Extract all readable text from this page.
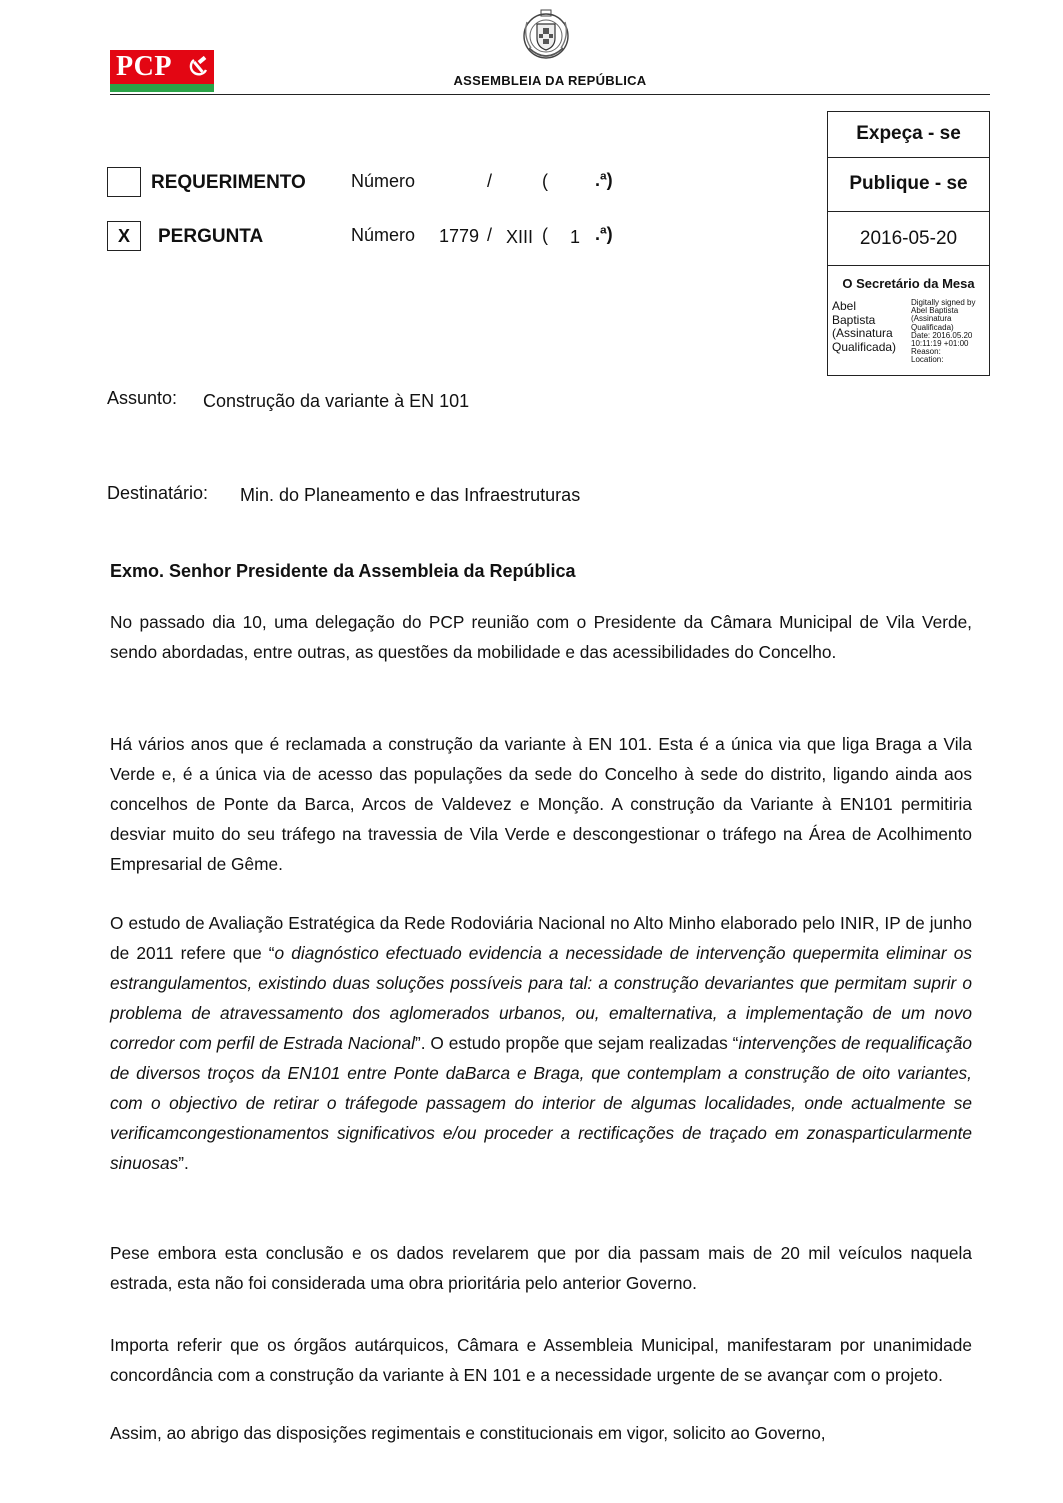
PCP	ASSEMBLEIA DA REPÚBLICA
Expeça - se
Publique - se
2016-05-20
O Secretário da Mesa
Abel
Baptista
(Assinatura
Qualificada)
Digitally signed by
Abel Baptista
(Assinatura
Qualificada)
Date: 2016.05.20
10:11:19 +01:00
Reason:
Location:
REQUERIMENTO	Número	/	(	.ª)
X	PERGUNTA	Número 1779 / XIII ( 1 .ª)
Assunto: Construção da variante à EN 101
Destinatário: Min. do Planeamento e das Infraestruturas
Exmo. Senhor Presidente da Assembleia da República
No passado dia 10, uma delegação do PCP reunião com o Presidente da Câmara Municipal de Vila Verde, sendo abordadas, entre outras, as questões da mobilidade e das acessibilidades do Concelho.
Há vários anos que é reclamada a construção da variante à EN 101. Esta é a única via que liga Braga a Vila Verde e, é a única via de acesso das populações da sede do Concelho à sede do distrito, ligando ainda aos concelhos de Ponte da Barca, Arcos de Valdevez e Monção. A construção da Variante à EN101 permitiria desviar muito do seu tráfego na travessia de Vila Verde e descongestionar o tráfego na Área de Acolhimento Empresarial de Gême.
O estudo de Avaliação Estratégica da Rede Rodoviária Nacional no Alto Minho elaborado pelo INIR, IP de junho de 2011 refere que “o diagnóstico efectuado evidencia a necessidade de intervenção quepermita eliminar os estrangulamentos, existindo duas soluções possíveis para tal: a construção devariantes que permitam suprir o problema de atravessamento dos aglomerados urbanos, ou, emalternativa, a implementação de um novo corredor com perfil de Estrada Nacional”. O estudo propõe que sejam realizadas “intervenções de requalificação de diversos troços da EN101 entre Ponte daBarca e Braga, que contemplam a construção de oito variantes, com o objectivo de retirar o tráfegode passagem do interior de algumas localidades, onde actualmente se verificamcongestionamentos significativos e/ou proceder a rectificações de traçado em zonasparticularmente sinuosas”.
Pese embora esta conclusão e os dados revelarem que por dia passam mais de 20 mil veículos naquela estrada, esta não foi considerada uma obra prioritária pelo anterior Governo.
Importa referir que os órgãos autárquicos, Câmara e Assembleia Municipal, manifestaram por unanimidade concordância com a construção da variante à EN 101 e a necessidade urgente de se avançar com o projeto.
Assim, ao abrigo das disposições regimentais e constitucionais em vigor, solicito ao Governo,
